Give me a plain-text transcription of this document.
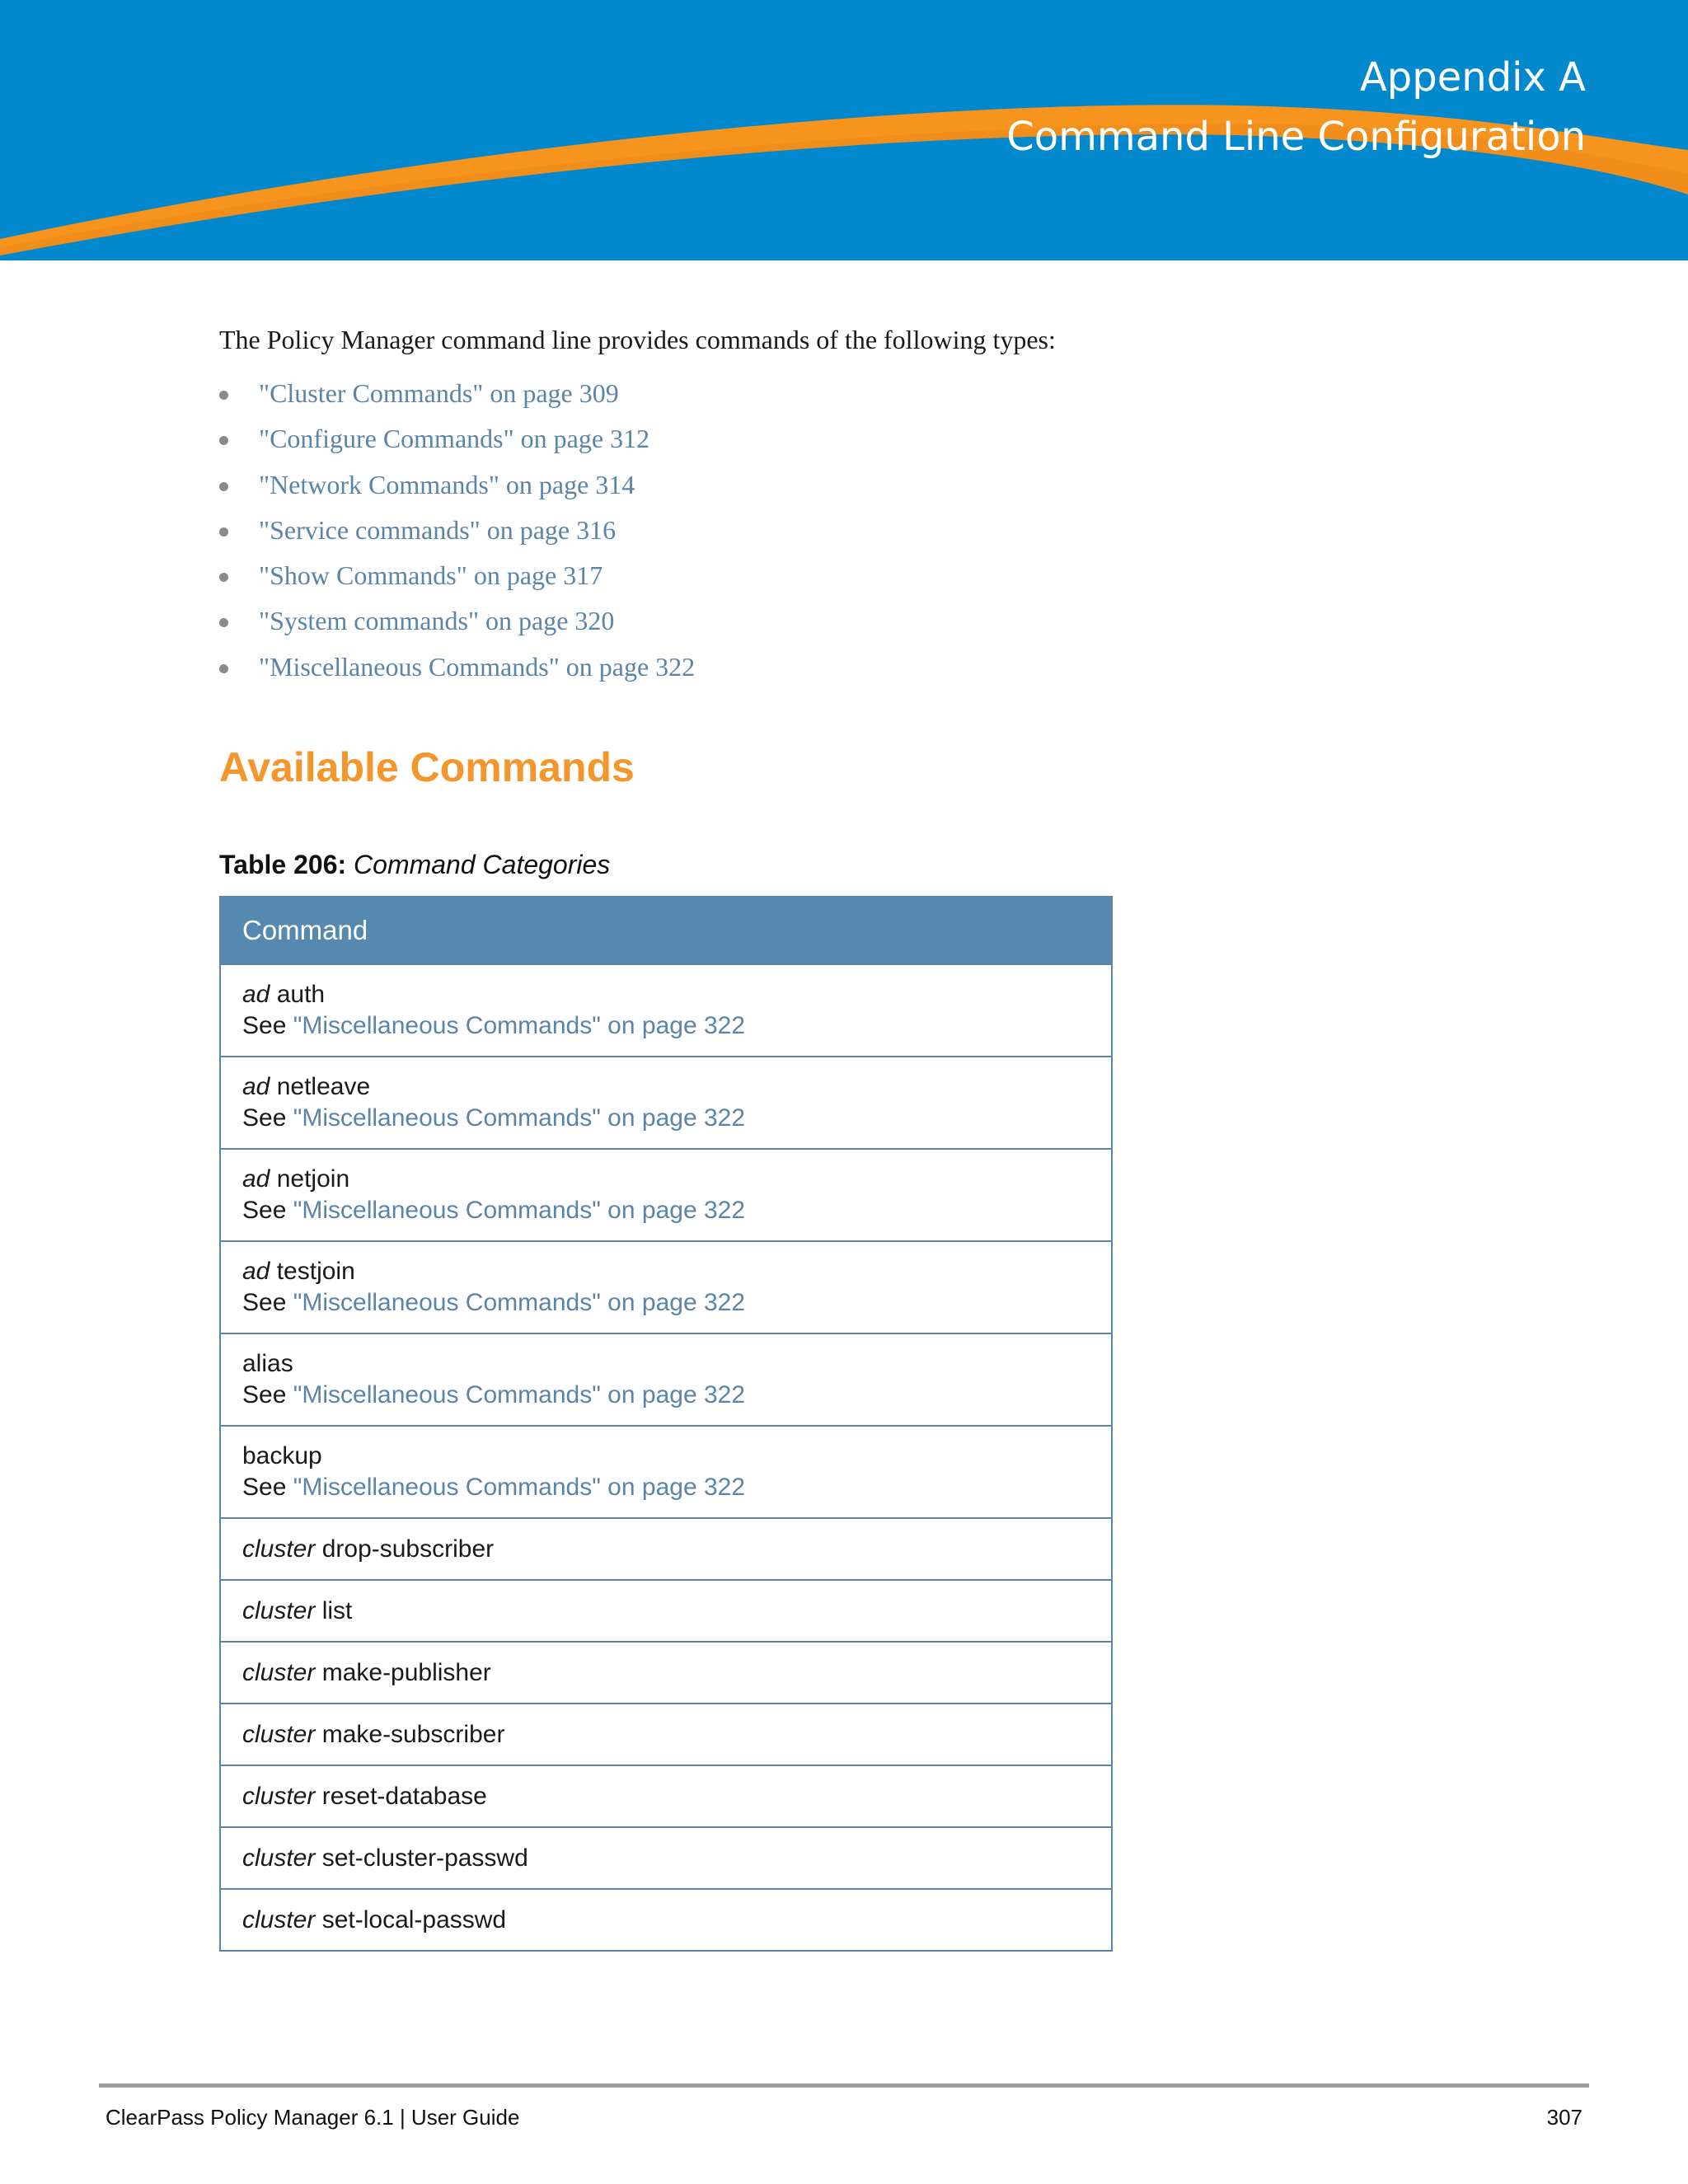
Appendix A
Command Line Configuration

The Policy Manager command line provides commands of the following types:

"Cluster Commands" on page 309
"Configure Commands" on page 312
"Network Commands" on page 314
"Service commands" on page 316
"Show Commands" on page 317
"System commands" on page 320
"Miscellaneous Commands" on page 322
Available Commands
Table 206: Command Categories
Command

ad auth
See "Miscellaneous Commands" on page 322

ad netleave
See "Miscellaneous Commands" on page 322

ad netjoin
See "Miscellaneous Commands" on page 322

ad testjoin
See "Miscellaneous Commands" on page 322

alias
See "Miscellaneous Commands" on page 322

backup
See "Miscellaneous Commands" on page 322

cluster drop-subscriber
cluster list
cluster make-publisher
cluster make-subscriber
cluster reset-database
cluster set-cluster-passwd
cluster set-local-passwd
ClearPass Policy Manager 6.1 | User Guide	307
